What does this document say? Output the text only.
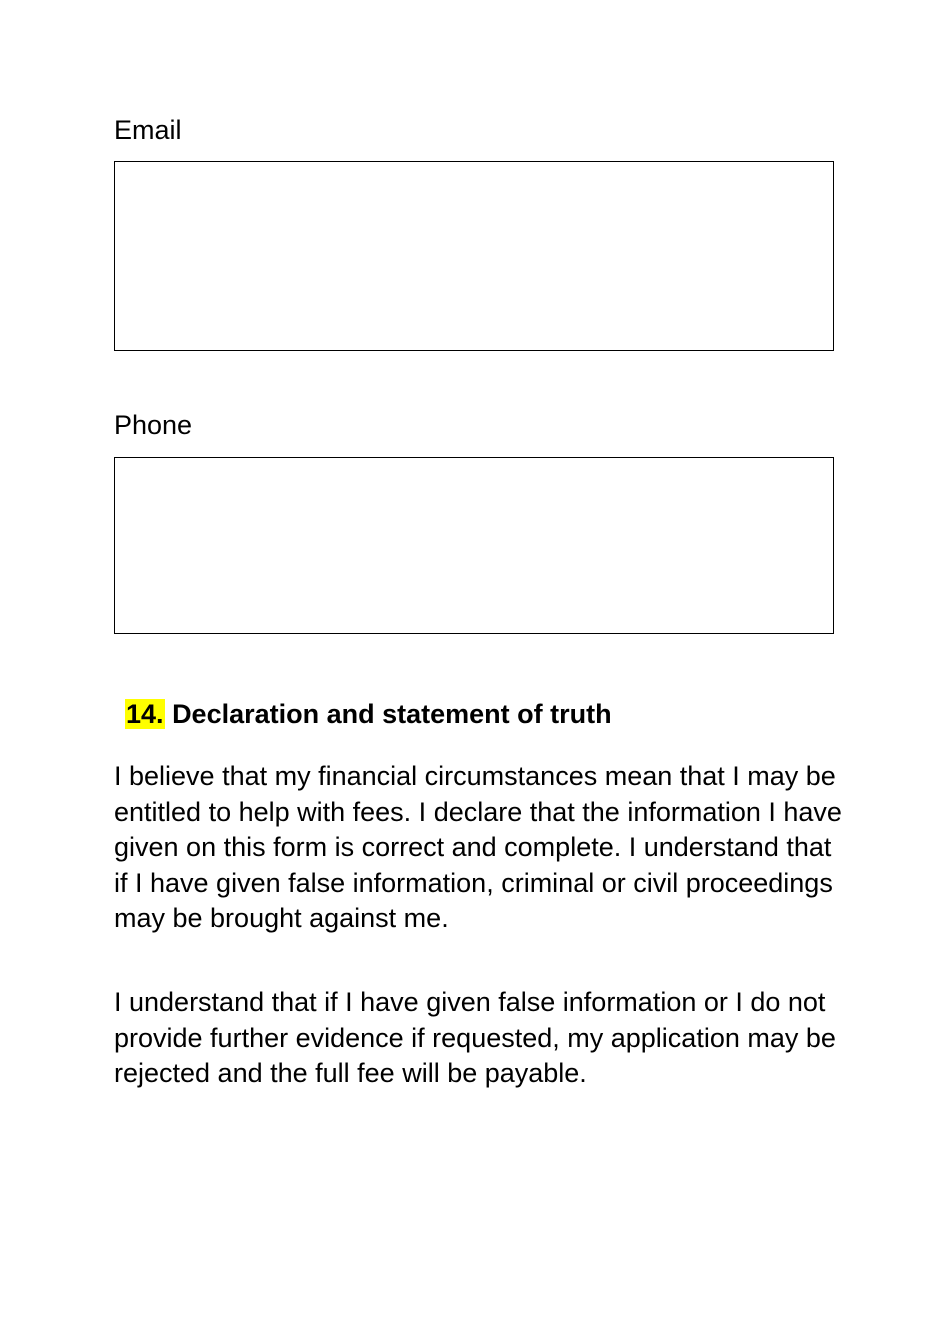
Email

Phone

14. Declaration and statement of truth

I believe that my financial circumstances mean that I may be entitled to help with fees. I declare that the information I have given on this form is correct and complete. I understand that if I have given false information, criminal or civil proceedings may be brought against me.

I understand that if I have given false information or I do not provide further evidence if requested, my application may be rejected and the full fee will be payable.
